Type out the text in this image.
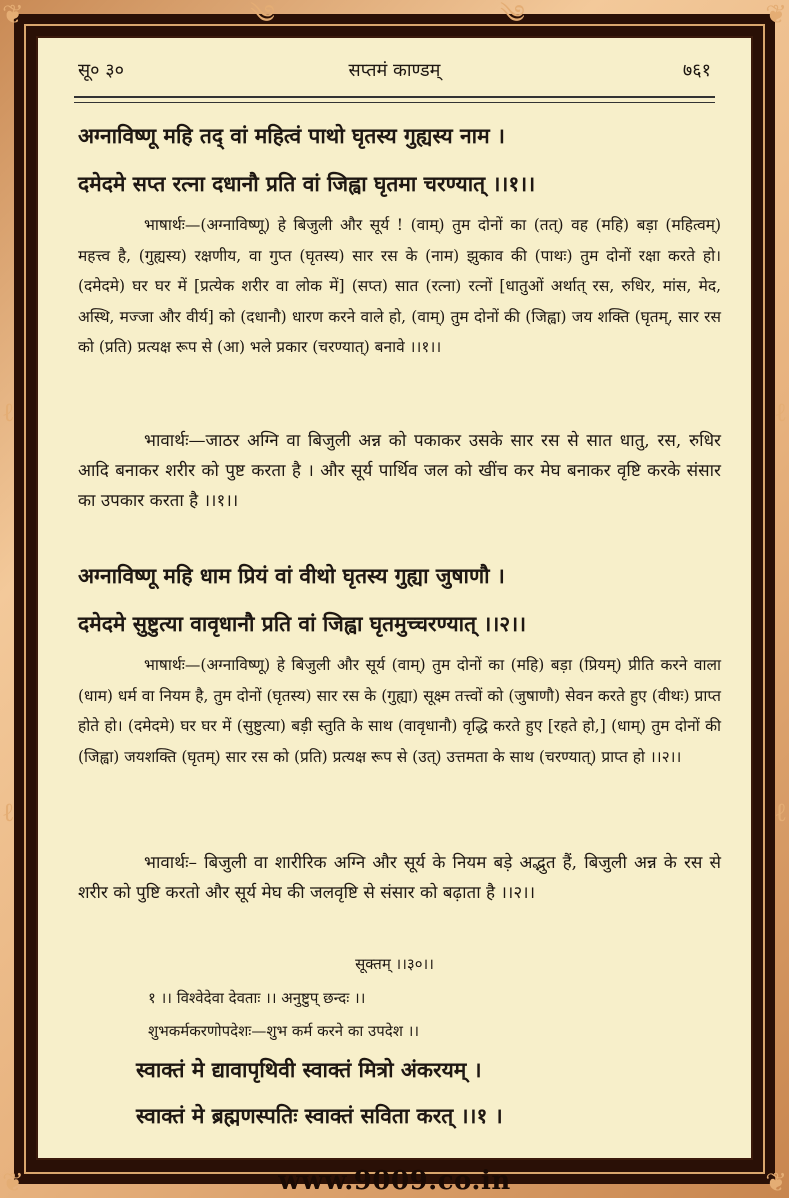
❦	❦
❦	❦
༄	༄
ℓ
ℓ
ℓ
ℓ
सू० ३०	सप्तमं काण्डम्	७६१
अग्नाविष्णू महि तद् वां महित्वं पाथो घृतस्य गुह्यस्य नाम ।
दमेदमे सप्त रत्ना दधानौ प्रति वां जिह्वा घृतमा चरण्यात् ।।१।।
भाषार्थः—(अग्नाविष्णू) हे बिजुली और सूर्य ! (वाम्) तुम दोनों का (तत्) वह (महि) बड़ा (महित्वम्) महत्त्व है, (गुह्यस्य) रक्षणीय, वा गुप्त (घृतस्य) सार रस के (नाम) झुकाव की (पाथः) तुम दोनों रक्षा करते हो। (दमेदमे) घर घर में [प्रत्येक शरीर वा लोक में] (सप्त) सात (रत्ना) रत्नों [धातुओं अर्थात् रस, रुधिर, मांस, मेद, अस्थि, मज्जा और वीर्य] को (दधानौ) धारण करने वाले हो, (वाम्) तुम दोनों की (जिह्वा) जय शक्ति (घृतम्, सार रस को (प्रति) प्रत्यक्ष रूप से (आ) भले प्रकार (चरण्यात्) बनावे ।।१।।
भावार्थः—जाठर अग्नि वा बिजुली अन्न को पकाकर उसके सार रस से सात धातु, रस, रुधिर आदि बनाकर शरीर को पुष्ट करता है । और सूर्य पार्थिव जल को खींच कर मेघ बनाकर वृष्टि करके संसार का उपकार करता है ।।१।।
अग्नाविष्णू महि धाम प्रियं वां वीथो घृतस्य गुह्या जुषाणौ ।
दमेदमे सुष्टुत्या वावृधानौ प्रति वां जिह्वा घृतमुच्चरण्यात् ।।२।।
भाषार्थः—(अग्नाविष्णू) हे बिजुली और सूर्य (वाम्) तुम दोनों का (महि) बड़ा (प्रियम्) प्रीति करने वाला (धाम) धर्म वा नियम है, तुम दोनों (घृतस्य) सार रस के (गुह्या) सूक्ष्म तत्त्वों को (जुषाणौ) सेवन करते हुए (वीथः) प्राप्त होते हो। (दमेदमे) घर घर में (सुष्टुत्या) बड़ी स्तुति के साथ (वावृधानौ) वृद्धि करते हुए [रहते हो,] (धाम्) तुम दोनों की (जिह्वा) जयशक्ति (घृतम्) सार रस को (प्रति) प्रत्यक्ष रूप से (उत्) उत्तमता के साथ (चरण्यात्) प्राप्त हो ।।२।।
भावार्थः– बिजुली वा शारीरिक अग्नि और सूर्य के नियम बड़े अद्भुत हैं, बिजुली अन्न के रस से शरीर को पुष्टि करतो और सूर्य मेघ की जलवृष्टि से संसार को बढ़ाता है ।।२।।
सूक्तम् ।।३०।।
१ ।। विश्वेदेवा देवताः ।। अनुष्टुप् छन्दः ।।
शुभकर्मकरणोपदेशः—शुभ कर्म करने का उपदेश ।।
स्वाक्तं मे द्यावापृथिवी स्वाक्तं मित्रो अंकरयम् ।
स्वाक्तं मे ब्रह्मणस्पतिः स्वाक्तं सविता करत् ।।१ ।
www.9009.co.in
